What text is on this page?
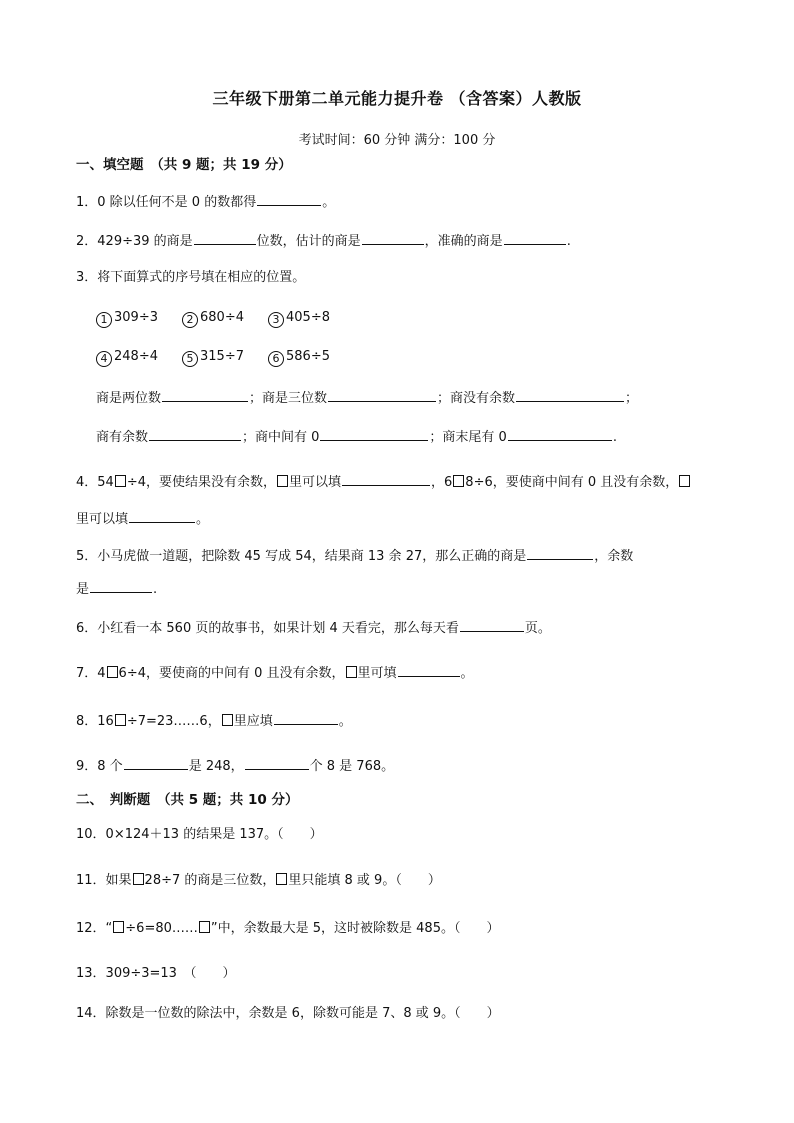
三年级下册第二单元能力提升卷 （含答案）人教版
考试时间：60 分钟 满分：100 分
一、填空题　（共 9 题；共 19 分）
1．0 除以任何不是 0 的数都得	。
2．429÷39 的商是	位数，估计的商是	，准确的商是	.
3．将下面算式的序号填在相应的位置。
1 309÷3	2 680÷4	3 405÷8
4 248÷4	5 315÷7	6 586÷5
商是两位数	；商是三位数	；商没有余数	；
商有余数	；商中间有 0	；商末尾有 0	.
4．54 ÷4，要使结果没有余数， 里可以填	，6 8÷6，要使商中间有 0 且没有余数，
里可以填	。
5．小马虎做一道题，把除数 45 写成 54，结果商 13 余 27，那么正确的商是	，余数
是	.
6．小红看一本 560 页的故事书，如果计划 4 天看完，那么每天看	页。
7．4 6÷4，要使商的中间有 0 且没有余数， 里可填	。
8．16 ÷7=23……6， 里应填	。
9．8 个	是 248，	个 8 是 768。
二、　判断题　（共 5 题；共 10 分）
10．0×124＋13 的结果是 137。（　　）
11．如果 28÷7 的商是三位数， 里只能填 8 或 9。（　　）
12．“ ÷6=80…… ”中，余数最大是 5，这时被除数是 485。（　　）
13．309÷3=13　（　　）
14．除数是一位数的除法中，余数是 6，除数可能是 7、8 或 9。（　　）
